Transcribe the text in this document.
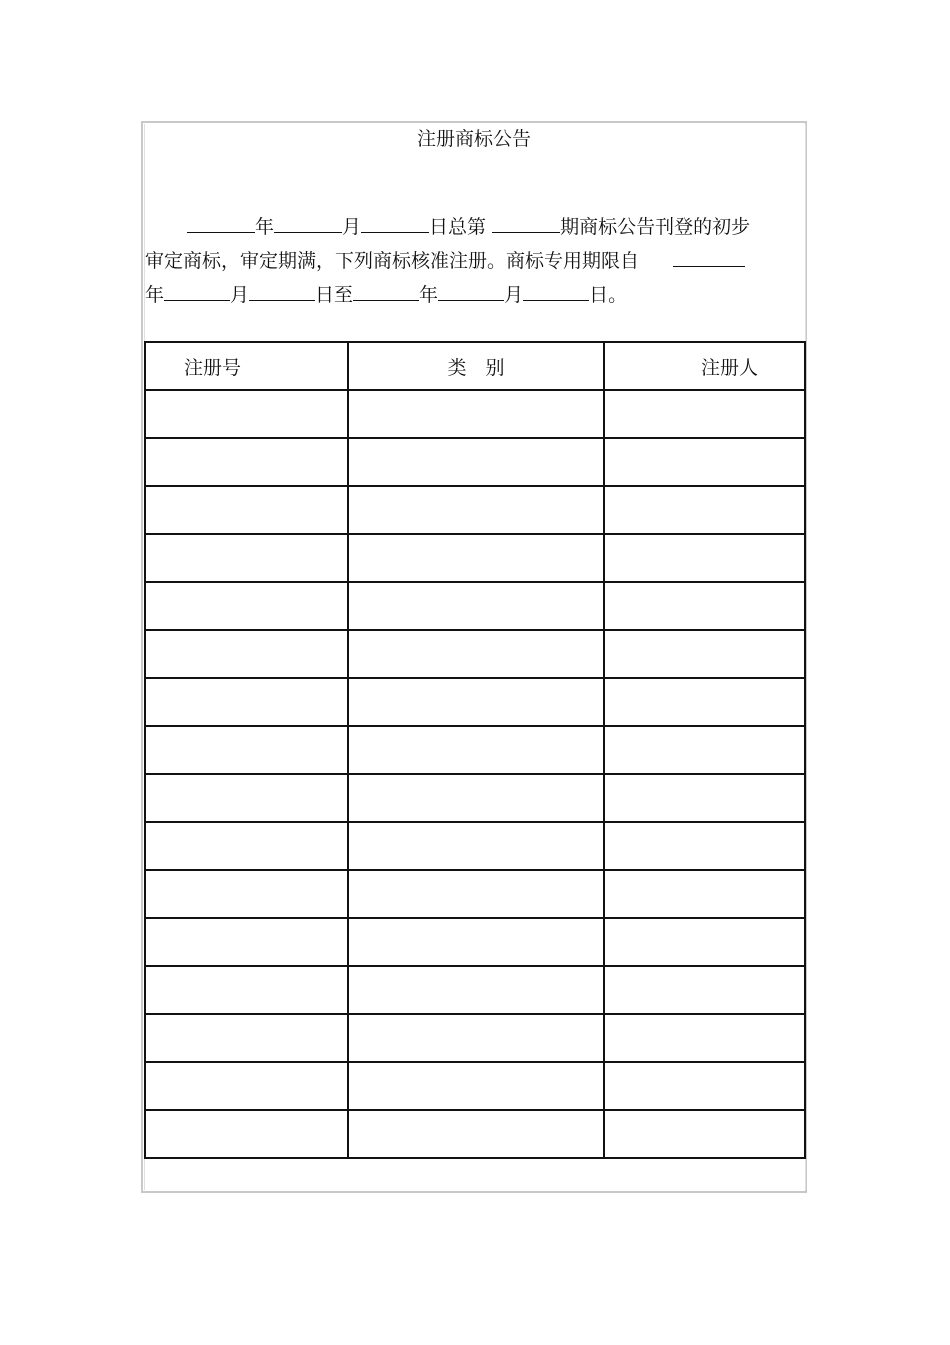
注册商标公告
年	月	日总第	期商标公告刊登的初步
审定商标，审定期满，下列商标核准注册。商标专用期限自
年	月	日至	年	月	日。
注册号	类　别	注册人
